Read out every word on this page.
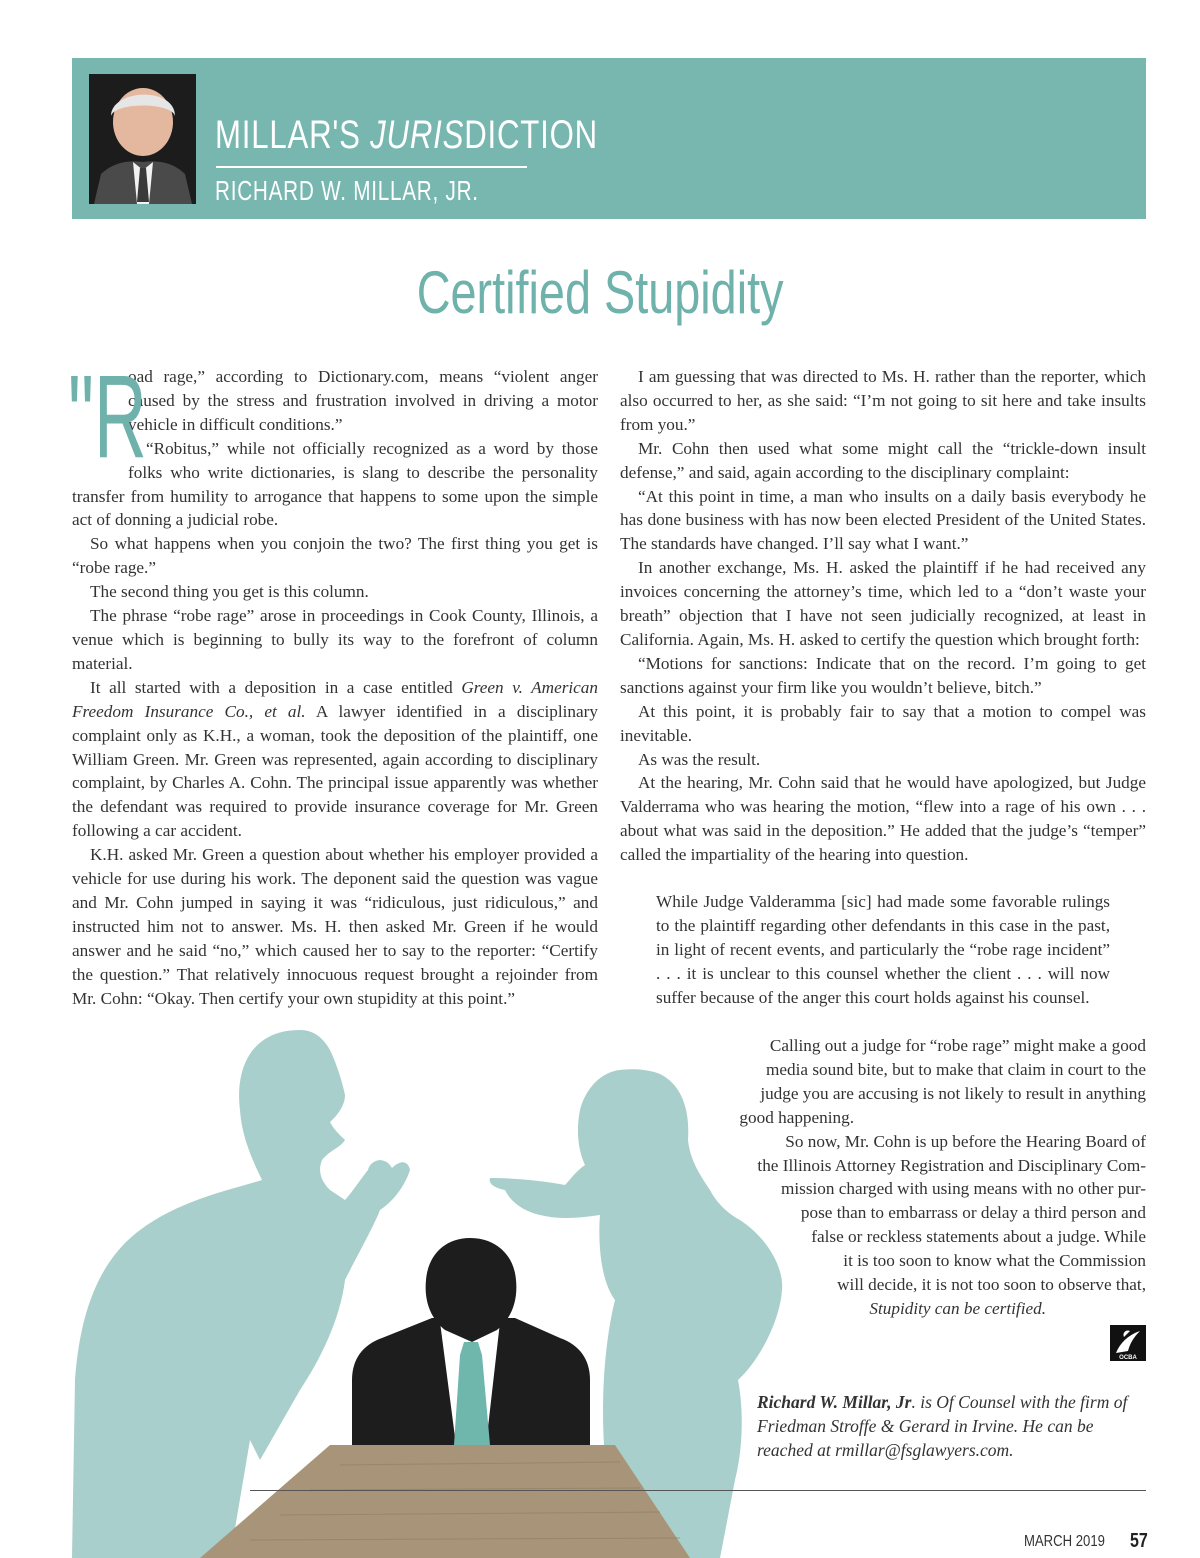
MILLAR'S JURISDICTION
RICHARD W. MILLAR, JR.
Certified Stupidity
"R

oad rage,” according to Dictionary.com, means “violent anger caused by the stress and frustration involved in driving a motor vehicle in difficult conditions.”

“Robitus,” while not officially recognized as a word by those folks who write dictionaries, is slang to describe the personality transfer from humility to arrogance that happens to some upon the simple act of donning a judicial robe.

So what happens when you conjoin the two? The first thing you get is “robe rage.”

The second thing you get is this column.

The phrase “robe rage” arose in proceedings in Cook County, Illinois, a venue which is beginning to bully its way to the forefront of column material.

It all started with a deposition in a case entitled Green v. American Freedom Insurance Co., et al. A lawyer identified in a disciplinary complaint only as K.H., a woman, took the deposition of the plaintiff, one William Green. Mr. Green was represented, again according to disciplinary complaint, by Charles A. Cohn. The principal issue apparently was whether the defendant was required to provide insurance coverage for Mr. Green following a car accident.

K.H. asked Mr. Green a question about whether his employer provided a vehicle for use during his work. The deponent said the question was vague and Mr. Cohn jumped in saying it was “ridiculous, just ridiculous,” and instructed him not to answer. Ms. H. then asked Mr. Green if he would answer and he said “no,” which caused her to say to the reporter: “Certify the question.” That relatively innocuous request brought a rejoinder from Mr. Cohn: “Okay. Then certify your own stupidity at this point.”

I am guessing that was directed to Ms. H. rather than the reporter, which also occurred to her, as she said: “I’m not going to sit here and take insults from you.”

Mr. Cohn then used what some might call the “trickle-down insult defense,” and said, again according to the disciplinary complaint:

“At this point in time, a man who insults on a daily basis everybody he has done business with has now been elected President of the United States. The standards have changed. I’ll say what I want.”

In another exchange, Ms. H. asked the plaintiff if he had received any invoices concerning the attorney’s time, which led to a “don’t waste your breath” objection that I have not seen judicially recognized, at least in California. Again, Ms. H. asked to certify the question which brought forth:

“Motions for sanctions: Indicate that on the record. I’m going to get sanctions against your firm like you wouldn’t believe, bitch.”

At this point, it is probably fair to say that a motion to compel was inevitable.

As was the result.

At the hearing, Mr. Cohn said that he would have apologized, but Judge Valderrama who was hearing the motion, “flew into a rage of his own . . . about what was said in the deposition.” He added that the judge’s “temper” called the impartiality of the hearing into question.

While Judge Valderamma [sic] had made some favorable rulings to the plaintiff regarding other defendants in this case in the past, in light of recent events, and particularly the “robe rage incident” . . . it is unclear to this counsel whether the client . . . will now suffer because of the anger this court holds against his counsel.

Calling out a judge for “robe rage” might make a good
media sound bite, but to make that claim in court to the
judge you are accusing is not likely to result in anything
good happening.
So now, Mr. Cohn is up before the Hearing Board of
the Illinois Attorney Registration and Disciplinary Com-
mission charged with using means with no other pur-
pose than to embarrass or delay a third person and
false or reckless statements about a judge. While
it is too soon to know what the Commission
will decide, it is not too soon to observe that,
Stupidity can be certified.
OCBA
Richard W. Millar, Jr. is Of Counsel with the firm of Friedman Stroffe & Gerard in Irvine. He can be reached at rmillar@fsglawyers.com.
MARCH 2019 57
